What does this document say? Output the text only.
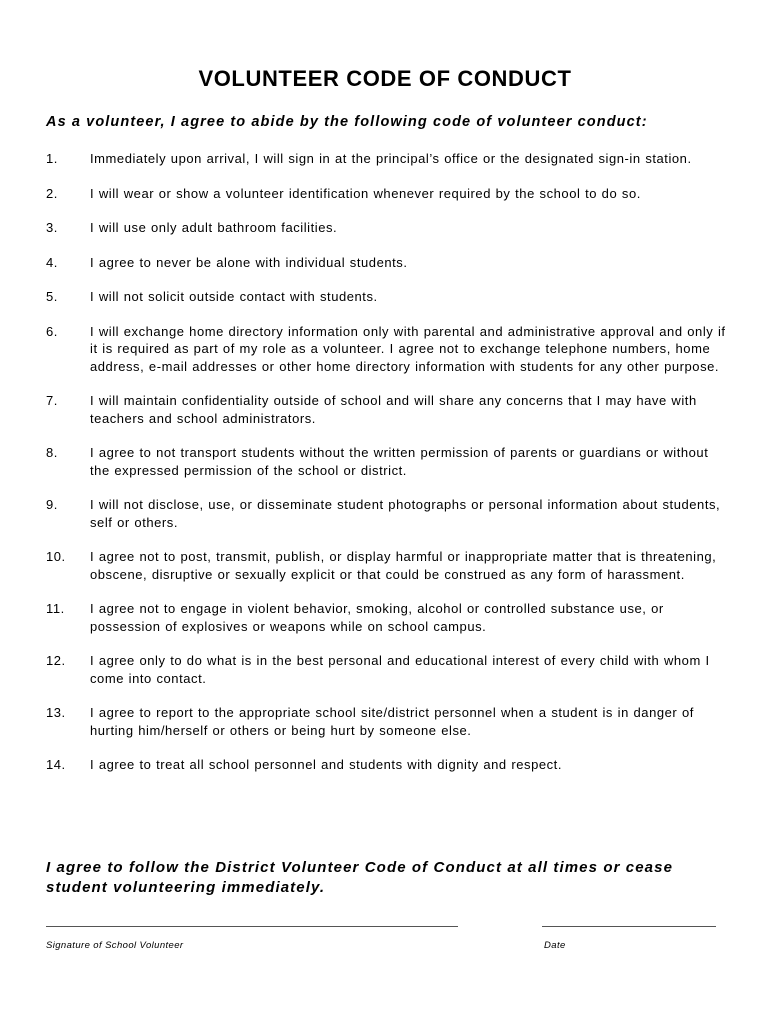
VOLUNTEER CODE OF CONDUCT
As a volunteer, I agree to abide by the following code of volunteer conduct:
1.	Immediately upon arrival, I will sign in at the principal’s office or the designated sign-in station.
2.	I will wear or show a volunteer identification whenever required by the school to do so.
3.	I will use only adult bathroom facilities.
4.	I agree to never be alone with individual students.
5.	I will not solicit outside contact with students.
6.	I will exchange home directory information only with parental and administrative approval and only if it is required as part of my role as a volunteer. I agree not to exchange telephone numbers, home address, e-mail addresses or other home directory information with students for any other purpose.
7.	I will maintain confidentiality outside of school and will share any concerns that I may have with teachers and school administrators.
8.	I agree to not transport students without the written permission of parents or guardians or without the expressed permission of the school or district.
9.	I will not disclose, use, or disseminate student photographs or personal information about students, self or others.
10.	I agree not to post, transmit, publish, or display harmful or inappropriate matter that is threatening, obscene, disruptive or sexually explicit or that could be construed as any form of harassment.
11.	I agree not to engage in violent behavior, smoking, alcohol or controlled substance use, or possession of explosives or weapons while on school campus.
12.	I agree only to do what is in the best personal and educational interest of every child with whom I come into contact.
13.	I agree to report to the appropriate school site/district personnel when a student is in danger of hurting him/herself or others or being hurt by someone else.
14.	I agree to treat all school personnel and students with dignity and respect.
I agree to follow the District Volunteer Code of Conduct at all times or cease student volunteering immediately.
Signature of School Volunteer	Date
